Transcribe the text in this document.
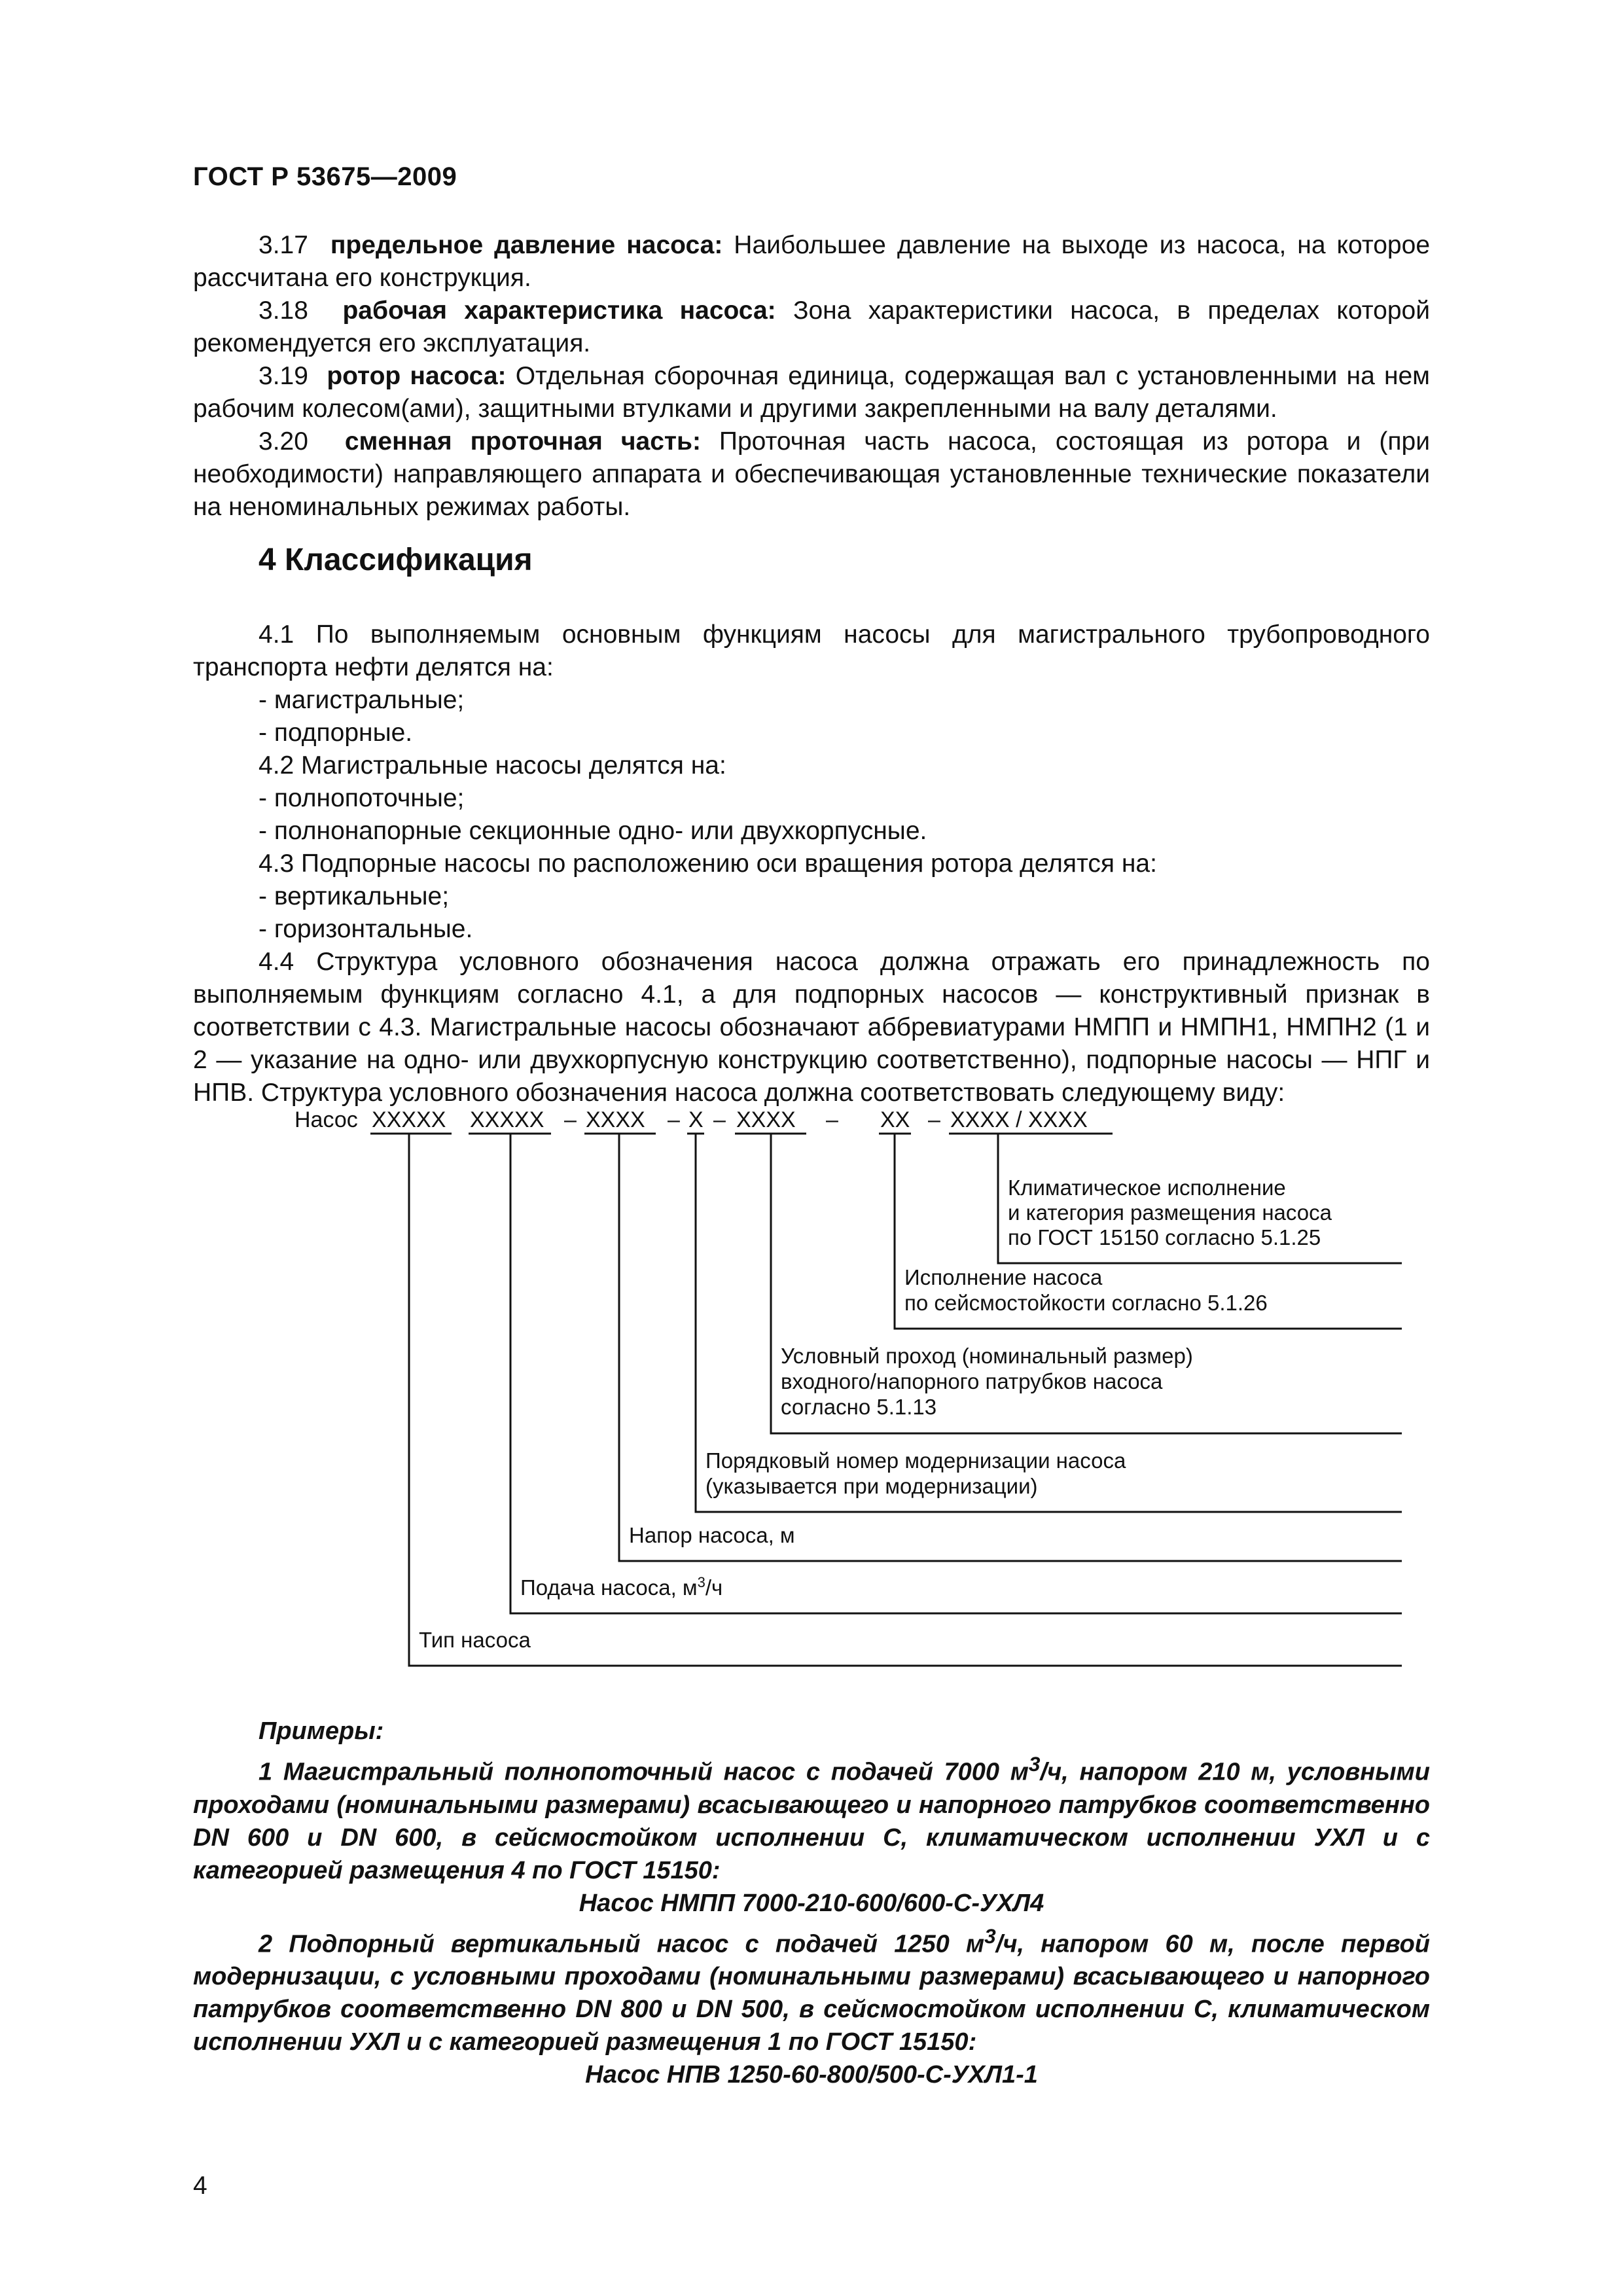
ГОСТ Р 53675—2009

3.17 предельное давление насоса: Наибольшее давление на выходе из насоса, на которое рассчитана его конструкция.

3.18 рабочая характеристика насоса: Зона характеристики насоса, в пределах которой рекомендуется его эксплуатация.

3.19 ротор насоса: Отдельная сборочная единица, содержащая вал с установленными на нем рабочим колесом(ами), защитными втулками и другими закрепленными на валу деталями.

3.20 сменная проточная часть: Проточная часть насоса, состоящая из ротора и (при необходимости) направляющего аппарата и обеспечивающая установленные технические показатели на неноминальных режимах работы.

4 Классификация

4.1 По выполняемым основным функциям насосы для магистрального трубопроводного транспорта нефти делятся на:

- магистральные;

- подпорные.

4.2 Магистральные насосы делятся на:

- полнопоточные;

- полнонапорные секционные одно- или двухкорпусные.

4.3 Подпорные насосы по расположению оси вращения ротора делятся на:

- вертикальные;

- горизонтальные.

4.4 Структура условного обозначения насоса должна отражать его принадлежность по выполняемым функциям согласно 4.1, а для подпорных насосов — конструктивный признак в соответствии с 4.3. Магистральные насосы обозначают аббревиатурами НМПП и НМПН1, НМПН2 (1 и 2 — указание на одно- или двухкорпусную конструкцию соответственно), подпорные насосы — НПГ и НПВ. Структура условного обозначения насоса должна соответствовать следующему виду:

Насос XXXXX XXXXX – XXXX – X – XXXX – XX – XXXX / XXXX
Климатическое исполнение
и категория размещения насоса
по ГОСТ 15150 согласно 5.1.25
Исполнение насоса
по сейсмостойкости согласно 5.1.26
Условный проход (номинальный размер)
входного/напорного патрубков насоса
согласно 5.1.13
Порядковый номер модернизации насоса
(указывается при модернизации)
Напор насоса, м
Подача насоса, $м^3/ч$
Тип насоса

Примеры:

1 Магистральный полнопоточный насос с подачей 7000 $м^3/ч$, напором 210 м, условными проходами (номинальными размерами) всасывающего и напорного патрубков соответственно DN 600 и DN 600, в сейсмостойком исполнении С, климатическом исполнении УХЛ и с категорией размещения 4 по ГОСТ 15150:

Насос НМПП 7000-210-600/600-С-УХЛ4

2 Подпорный вертикальный насос с подачей 1250 $м^3/ч$, напором 60 м, после первой модернизации, с условными проходами (номинальными размерами) всасывающего и напорного патрубков соответственно DN 800 и DN 500, в сейсмостойком исполнении С, климатическом исполнении УХЛ и с категорией размещения 1 по ГОСТ 15150:

Насос НПВ 1250-60-800/500-С-УХЛ1-1

4
